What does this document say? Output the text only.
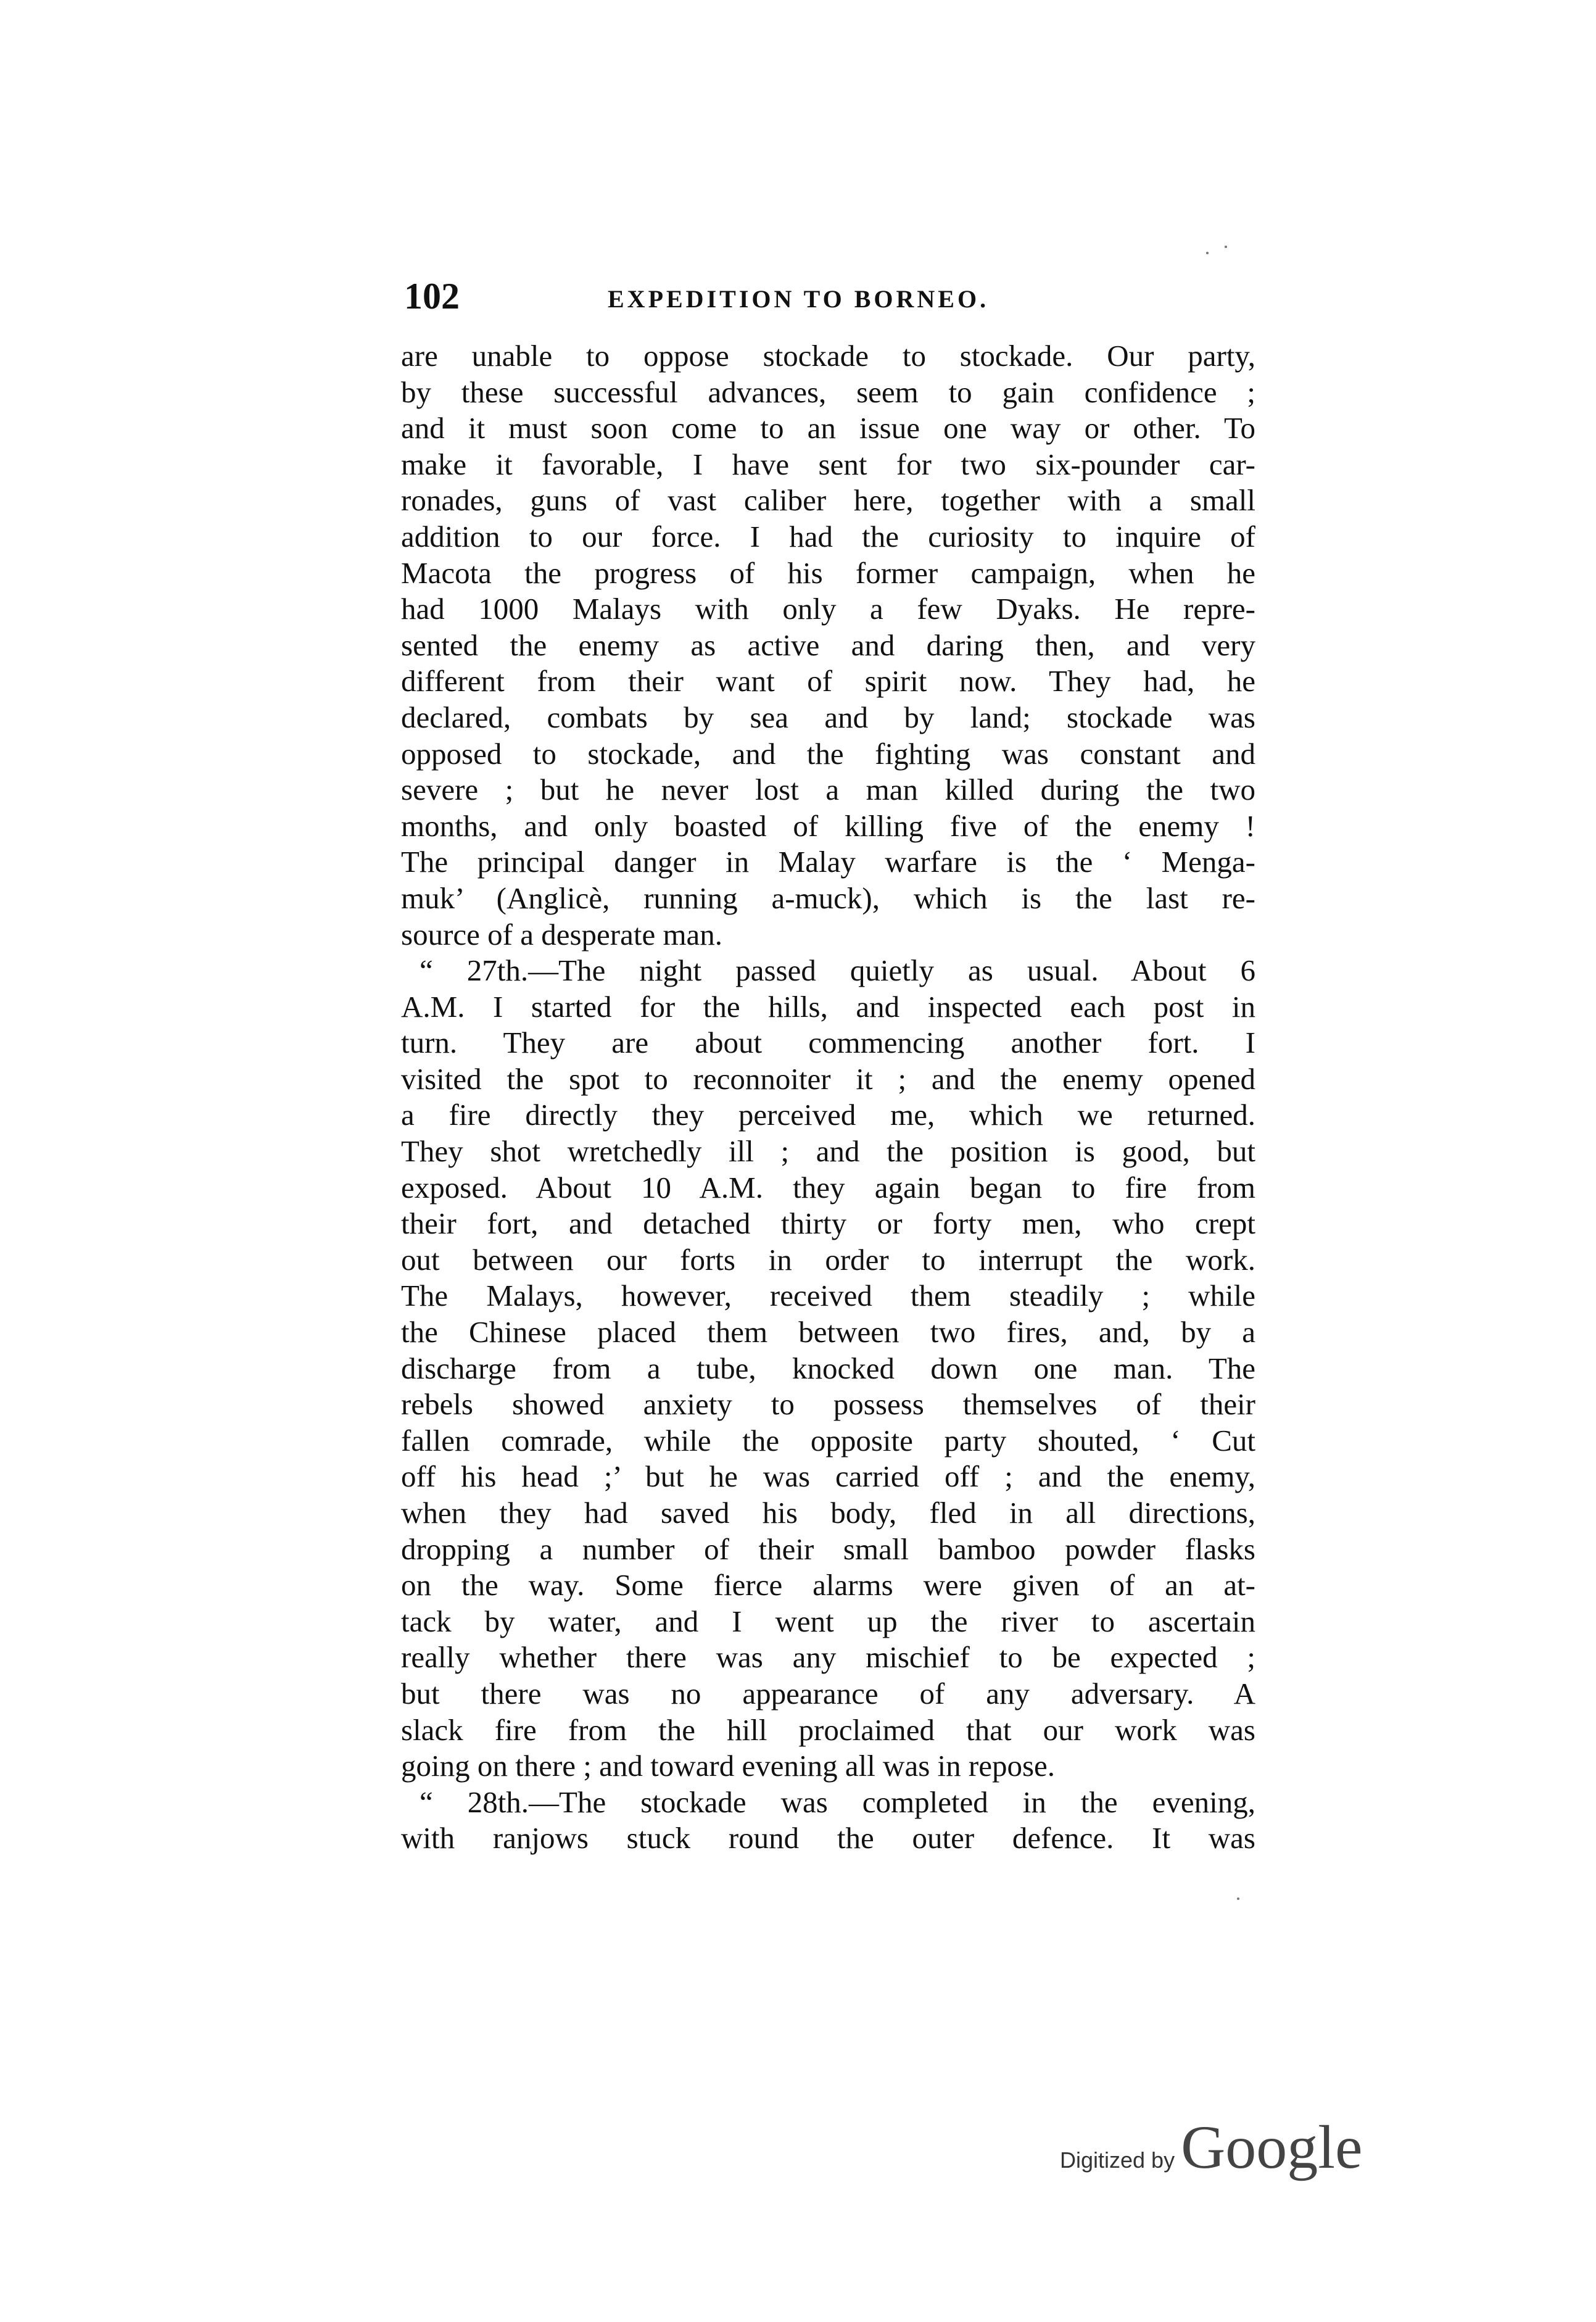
102	EXPEDITION TO BORNEO.
are unable to oppose stockade to stockade. Our party,
by these successful advances, seem to gain confidence ;
and it must soon come to an issue one way or other. To
make it favorable, I have sent for two six-pounder car-
ronades, guns of vast caliber here, together with a small
addition to our force. I had the curiosity to inquire of
Macota the progress of his former campaign, when he
had 1000 Malays with only a few Dyaks. He repre-
sented the enemy as active and daring then, and very
different from their want of spirit now. They had, he
declared, combats by sea and by land; stockade was
opposed to stockade, and the fighting was constant and
severe ; but he never lost a man killed during the two
months, and only boasted of killing five of the enemy !
The principal danger in Malay warfare is the ‘ Menga-
muk’ (Anglicè, running a-muck), which is the last re-
source of a desperate man.
“ 27th.—The night passed quietly as usual. About 6
A.M. I started for the hills, and inspected each post in
turn. They are about commencing another fort. I
visited the spot to reconnoiter it ; and the enemy opened
a fire directly they perceived me, which we returned.
They shot wretchedly ill ; and the position is good, but
exposed. About 10 A.M. they again began to fire from
their fort, and detached thirty or forty men, who crept
out between our forts in order to interrupt the work.
The Malays, however, received them steadily ; while
the Chinese placed them between two fires, and, by a
discharge from a tube, knocked down one man. The
rebels showed anxiety to possess themselves of their
fallen comrade, while the opposite party shouted, ‘ Cut
off his head ;’ but he was carried off ; and the enemy,
when they had saved his body, fled in all directions,
dropping a number of their small bamboo powder flasks
on the way. Some fierce alarms were given of an at-
tack by water, and I went up the river to ascertain
really whether there was any mischief to be expected ;
but there was no appearance of any adversary. A
slack fire from the hill proclaimed that our work was
going on there ; and toward evening all was in repose.
“ 28th.—The stockade was completed in the evening,
with ranjows stuck round the outer defence. It was
Digitized by Google
